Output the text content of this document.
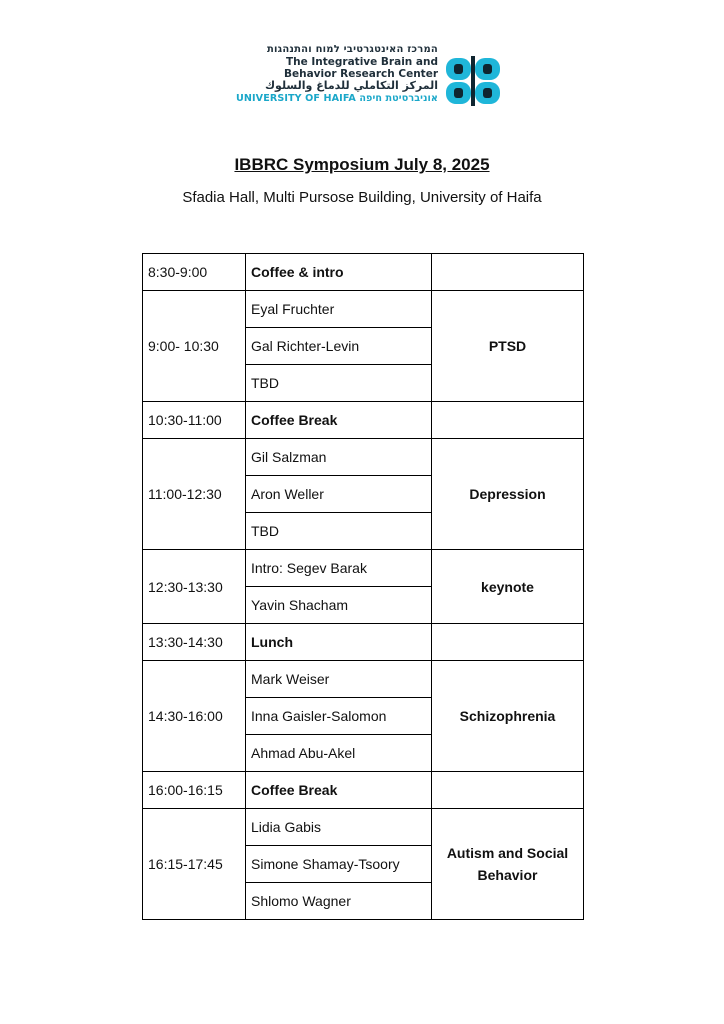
המרכז האינטגרטיבי למוח והתנהגות
The Integrative Brain and
Behavior Research Center
المركز التكاملي للدماغ والسلوك
UNIVERSITY OF HAIFA אוניברסיטת חיפה
IBBRC Symposium July 8, 2025
Sfadia Hall, Multi Pursose Building, University of Haifa
8:30-9:00	Coffee & intro	
9:00- 10:30	Eyal Fruchter	PTSD
	Gal Richter-Levin	
	TBD	
10:30-11:00	Coffee Break	
11:00-12:30	Gil Salzman	Depression
	Aron Weller	
	TBD	
12:30-13:30	Intro: Segev Barak	keynote
	Yavin Shacham	
13:30-14:30	Lunch	
14:30-16:00	Mark Weiser	Schizophrenia
	Inna Gaisler-Salomon	
	Ahmad Abu-Akel	
16:00-16:15	Coffee Break	
16:15-17:45	Lidia Gabis	Autism and Social
Behavior

	Simone Shamay-Tsoory	
	Shlomo Wagner	
